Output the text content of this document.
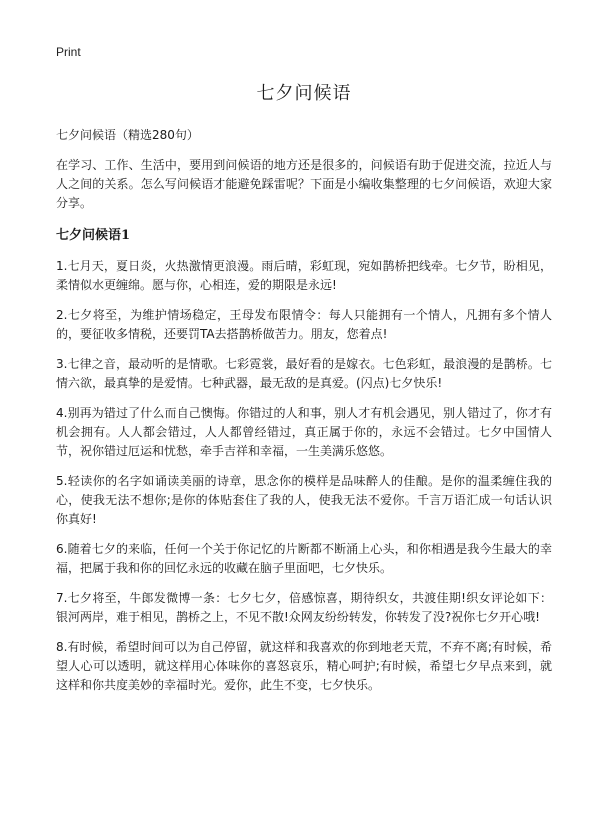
Print
七夕问候语

七夕问候语（精选280句）

在学习、工作、生活中，要用到问候语的地方还是很多的，问候语有助于促进交流，拉近人与人之间的关系。怎么写问候语才能避免踩雷呢？下面是小编收集整理的七夕问候语，欢迎大家分享。

七夕问候语1

1.七月天，夏日炎，火热激情更浪漫。雨后晴，彩虹现，宛如鹊桥把线牵。七夕节，盼相见，柔情似水更缠绵。愿与你，心相连，爱的期限是永远!

2.七夕将至，为维护情场稳定，王母发布限情令：每人只能拥有一个情人，凡拥有多个情人的，要征收多情税，还要罚TA去搭鹊桥做苦力。朋友，您着点!

3.七律之音，最动听的是情歌。七彩霓裳，最好看的是嫁衣。七色彩虹，最浪漫的是鹊桥。七情六欲，最真挚的是爱情。七种武器，最无敌的是真爱。(闪点)七夕快乐!

4.别再为错过了什么而自己懊悔。你错过的人和事，别人才有机会遇见，别人错过了，你才有机会拥有。人人都会错过，人人都曾经错过，真正属于你的，永远不会错过。七夕中国情人节，祝你错过厄运和忧愁，牵手吉祥和幸福，一生美满乐悠悠。

5.轻读你的名字如诵读美丽的诗章，思念你的模样是品味醉人的佳酿。是你的温柔缠住我的心，使我无法不想你;是你的体贴套住了我的人，使我无法不爱你。千言万语汇成一句话认识你真好!

6.随着七夕的来临，任何一个关于你记忆的片断都不断涌上心头，和你相遇是我今生最大的幸福，把属于我和你的回忆永远的收藏在脑子里面吧，七夕快乐。

7.七夕将至，牛郎发微博一条：七夕七夕，倍感惊喜，期待织女，共渡佳期!织女评论如下：银河两岸，难于相见，鹊桥之上，不见不散!众网友纷纷转发，你转发了没?祝你七夕开心哦!

8.有时候，希望时间可以为自己停留，就这样和我喜欢的你到地老天荒，不弃不离;有时候，希望人心可以透明，就这样用心体味你的喜怒哀乐，精心呵护;有时候，希望七夕早点来到，就这样和你共度美妙的幸福时光。爱你，此生不变，七夕快乐。
